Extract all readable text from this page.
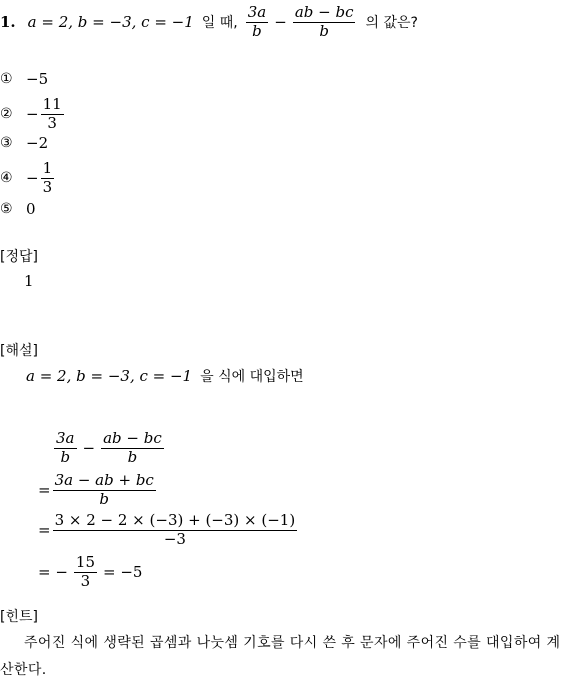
1. a = 2, b = −3, c = −1 일 때, $\frac{3a}{b} - \frac{ab - bc}{b}$ 의 값은?
① −5
② − $\frac{11}{3}$
③ −2
④ − $\frac{1}{3}$
⑤ 0
[정답]
1
[해설]
a = 2, b = −3, c = −1 을 식에 대입하면
$\frac{3a}{b} - \frac{ab - bc}{b}$
= $\frac{3a - ab + bc}{b}$
= $\frac{3 \times 2 - 2 \times (-3) + (-3) \times (-1)}{-3}$
= − $\frac{15}{3} = -5$
[힌트]
주어진 식에 생략된 곱셈과 나눗셈 기호를 다시 쓴 후 문자에 주어진 수를 대입하여 계산한다.
